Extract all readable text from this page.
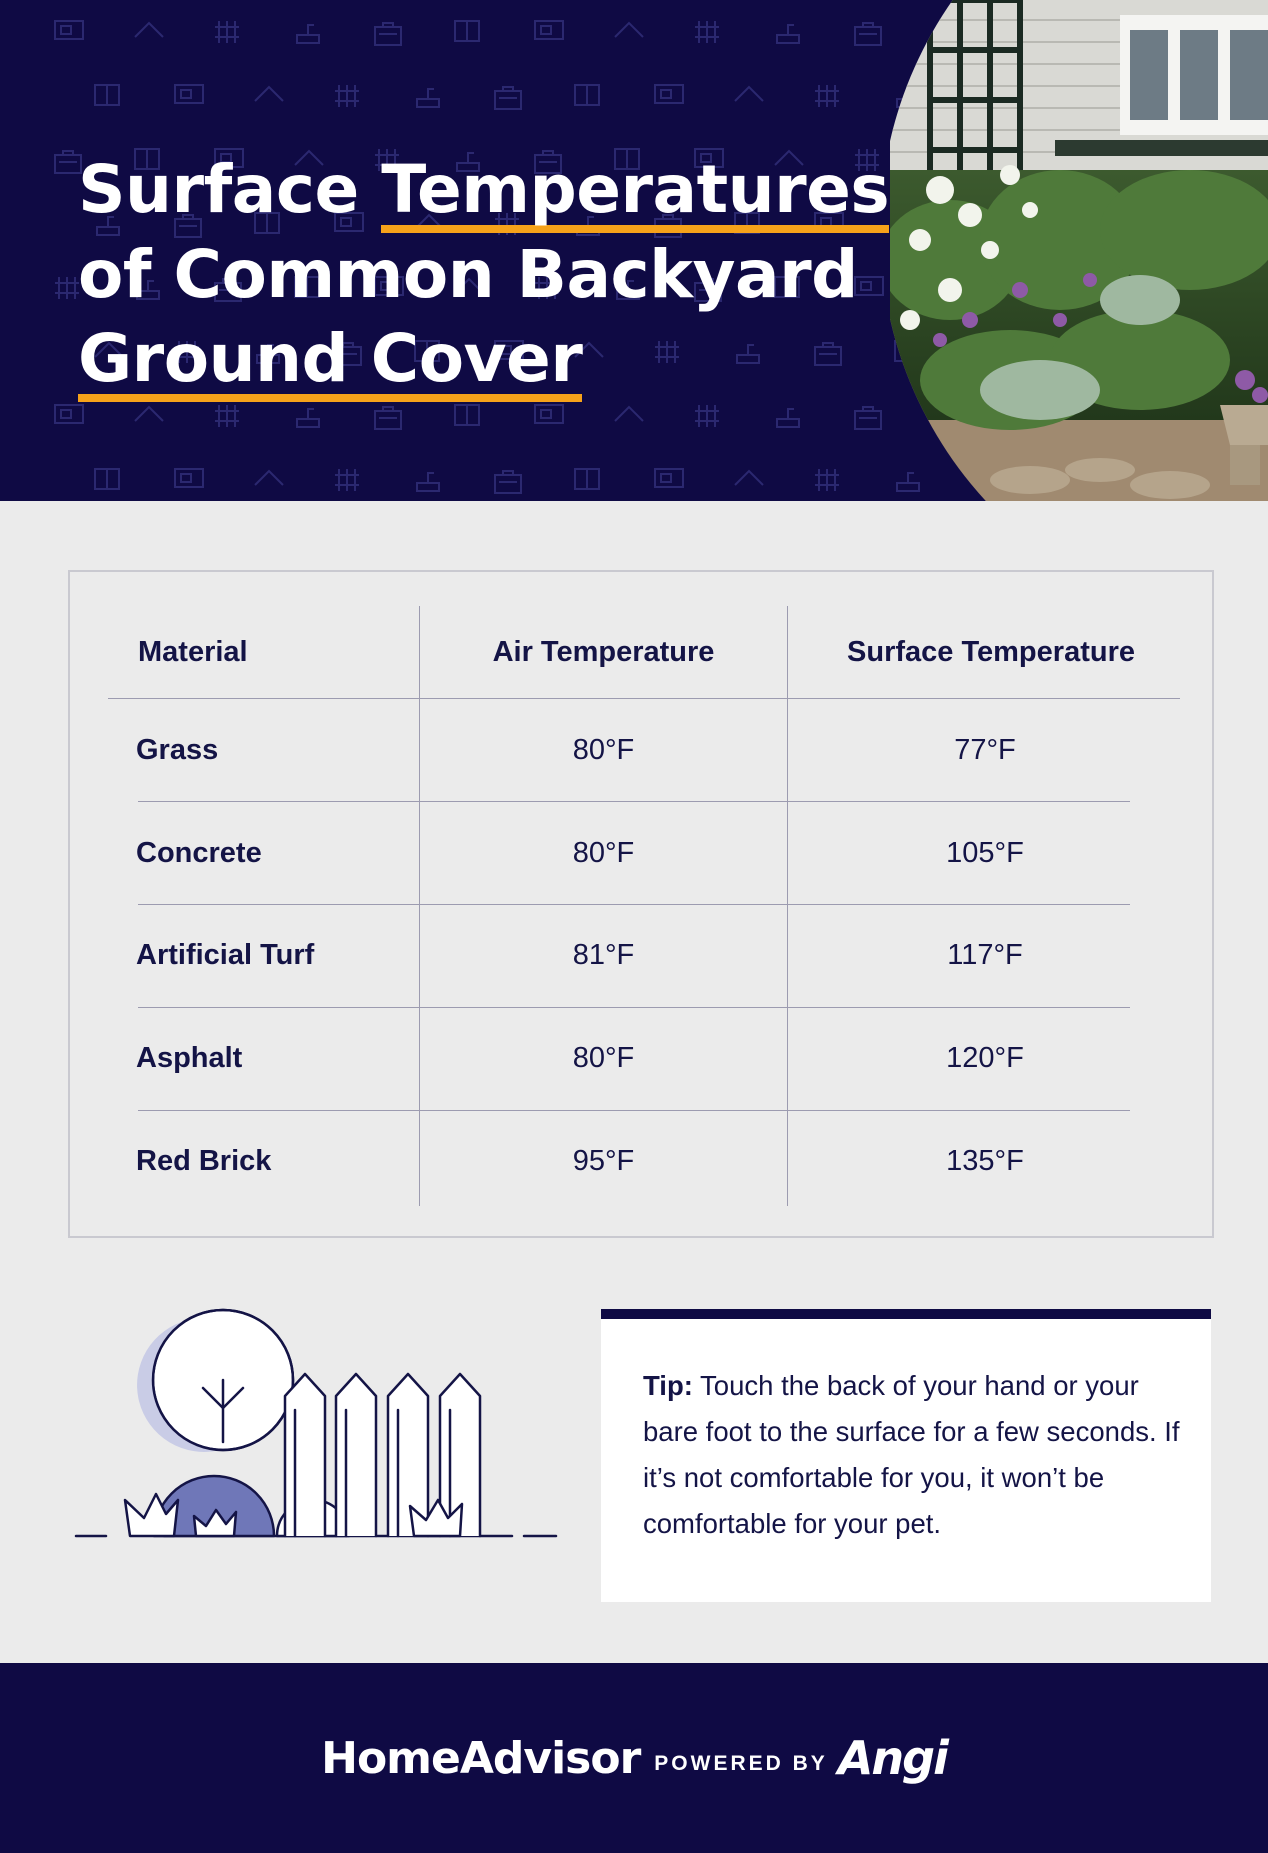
Surface Temperatures
of Common Backyard
Ground Cover
Material	Air Temperature	Surface Temperature
Grass	80°F	77°F
Concrete	80°F	105°F
Artificial Turf	81°F	117°F
Asphalt	80°F	120°F
Red Brick	95°F	135°F

Tip: Touch the back of your hand or your bare foot to the surface for a few seconds. If it’s not comfortable for you, it won’t be comfortable for your pet.

HomeAdvisor POWERED BY Angi
